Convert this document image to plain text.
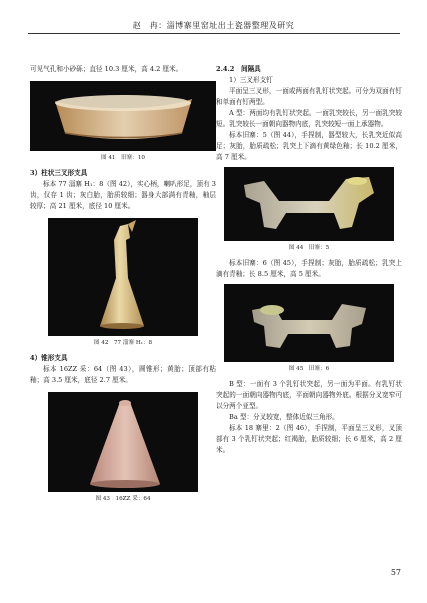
赵　冉：淄博寨里窑址出土瓷器整理及研究

可见气孔和小砂砾；直径 10.3 厘米，高 4.2 厘米。

图 41　旧寨：10

3）柱状三叉形支具

标本 77 淄寨 H₁：8（图 42），实心柄，喇叭形足，顶有 3 齿，仅存 1 齿；灰白胎，胎质较细；器身大部满有青釉，釉层较厚；高 21 厘米，底径 10 厘米。

图 42　77 淄寨 H₁：8

4）锥形支具

标本 16ZZ 采：64（图 43），圆锥形；黄胎；顶部有粘釉；高 3.5 厘米，底径 2.7 厘米。

图 43　16ZZ 采：64

2.4.2　间隔具

1）三叉形支钉

平面呈三叉形，一面或两面有乳钉状突起。可分为双面有钉和单面有钉两型。

A 型：两面均有乳钉状突起。一面乳突较长，另一面乳突较短。乳突较长一面朝向器物内底，乳突较短一面上承器物。

标本旧寨：5（图 44），手捏制，器型较大，长乳突近似高足；灰胎，胎质疏松；乳突上下滴有黄绿色釉；长 10.2 厘米，高 7 厘米。

图 44　旧寨：5

标本旧寨：6（图 45），手捏制；灰胎，胎质疏松；乳突上滴有青釉；长 8.5 厘米，高 5 厘米。

图 45　旧寨：6

B 型：一面有 3 个乳钉状突起，另一面为平面。有乳钉状突起的一面朝向器物内底，平面朝向器物外底。根据分叉宽窄可以分两个亚型。

Ba 型：分叉较宽，整体近似三角形。

标本 18 寨里：2（图 46），手捏制，平面呈三叉形，叉顶部有 3 个乳钉状突起；红褐胎，胎质较细；长 6 厘米，高 2 厘米。

57
